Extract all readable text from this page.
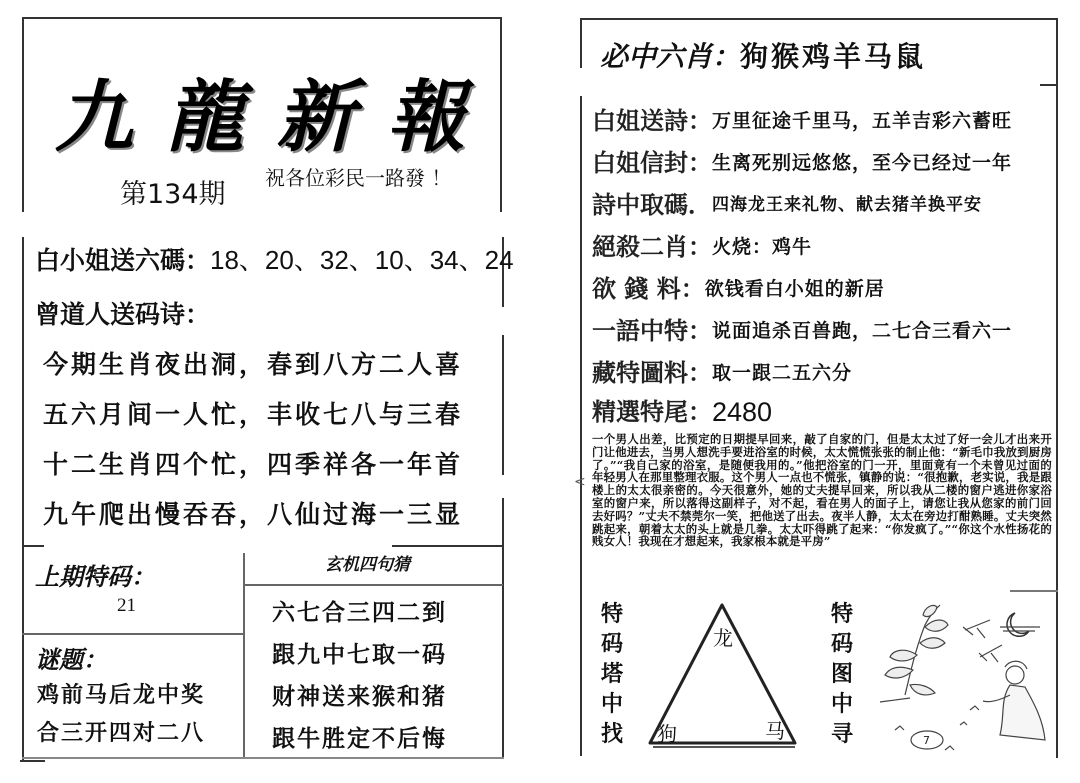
九 龍 新 報
第134期
祝各位彩民一路發 ！
白小姐送六碼：18、20、32、10、34、24
曾道人送码诗：
今期生肖夜出洞，春到八方二人喜
五六月间一人忙，丰收七八与三春
十二生肖四个忙，四季祥各一年首
九午爬出慢吞吞，八仙过海一三显
上期特码：
21
谜题：
鸡前马后龙中奖
合三开四对二八
玄机四句猜
六七合三四二到
跟九中七取一码
财神送来猴和猪
跟牛胜定不后悔
<
必中六肖：狗猴鸡羊马鼠
白姐送詩 ： 万里征途千里马，五羊吉彩六蓄旺
白姐信封 ： 生离死别远悠悠，至今已经过一年
詩中取碼 ． 四海龙王来礼物、献去猪羊换平安
絕殺二肖 ： 火烧：鸡牛
欲 錢 料 ： 欲钱看白小姐的新居
一語中特 ： 说面追杀百兽跑，二七合三看六一
藏特圖料 ： 取一跟二五六分
精選特尾 ： 2480
一个男人出差，比预定的日期提早回来，敲了自家的门，但是太太过了好一会儿才出来开门让他进去，当男人想洗手要进浴室的时候，太太慌慌张张的制止他：“新毛巾我放到厨房了。”“我自己家的浴室，是随便我用的。”他把浴室的门一开，里面竟有一个未曾见过面的年轻男人在那里整理衣服。这个男人一点也不慌张，镇静的说：“很抱歉，老实说，我是跟楼上的太太很亲密的。今天很意外，她的丈夫提早回来，所以我从二楼的窗户逃进你家浴室的窗户来，所以落得这副样子，对不起，看在男人的面子上，请您让我从您家的前门回去好吗？”丈夫不禁莞尔一笑，把他送了出去。夜半人静，太太在旁边打酣熟睡。丈夫突然跳起来，朝着太太的头上就是几拳。太太吓得跳了起来：“你发疯了。”“你这个水性扬花的贱女人！我现在才想起来，我家根本就是平房”
特
码
塔
中
找
龙
狗	马
特
码
图
中
寻	7
